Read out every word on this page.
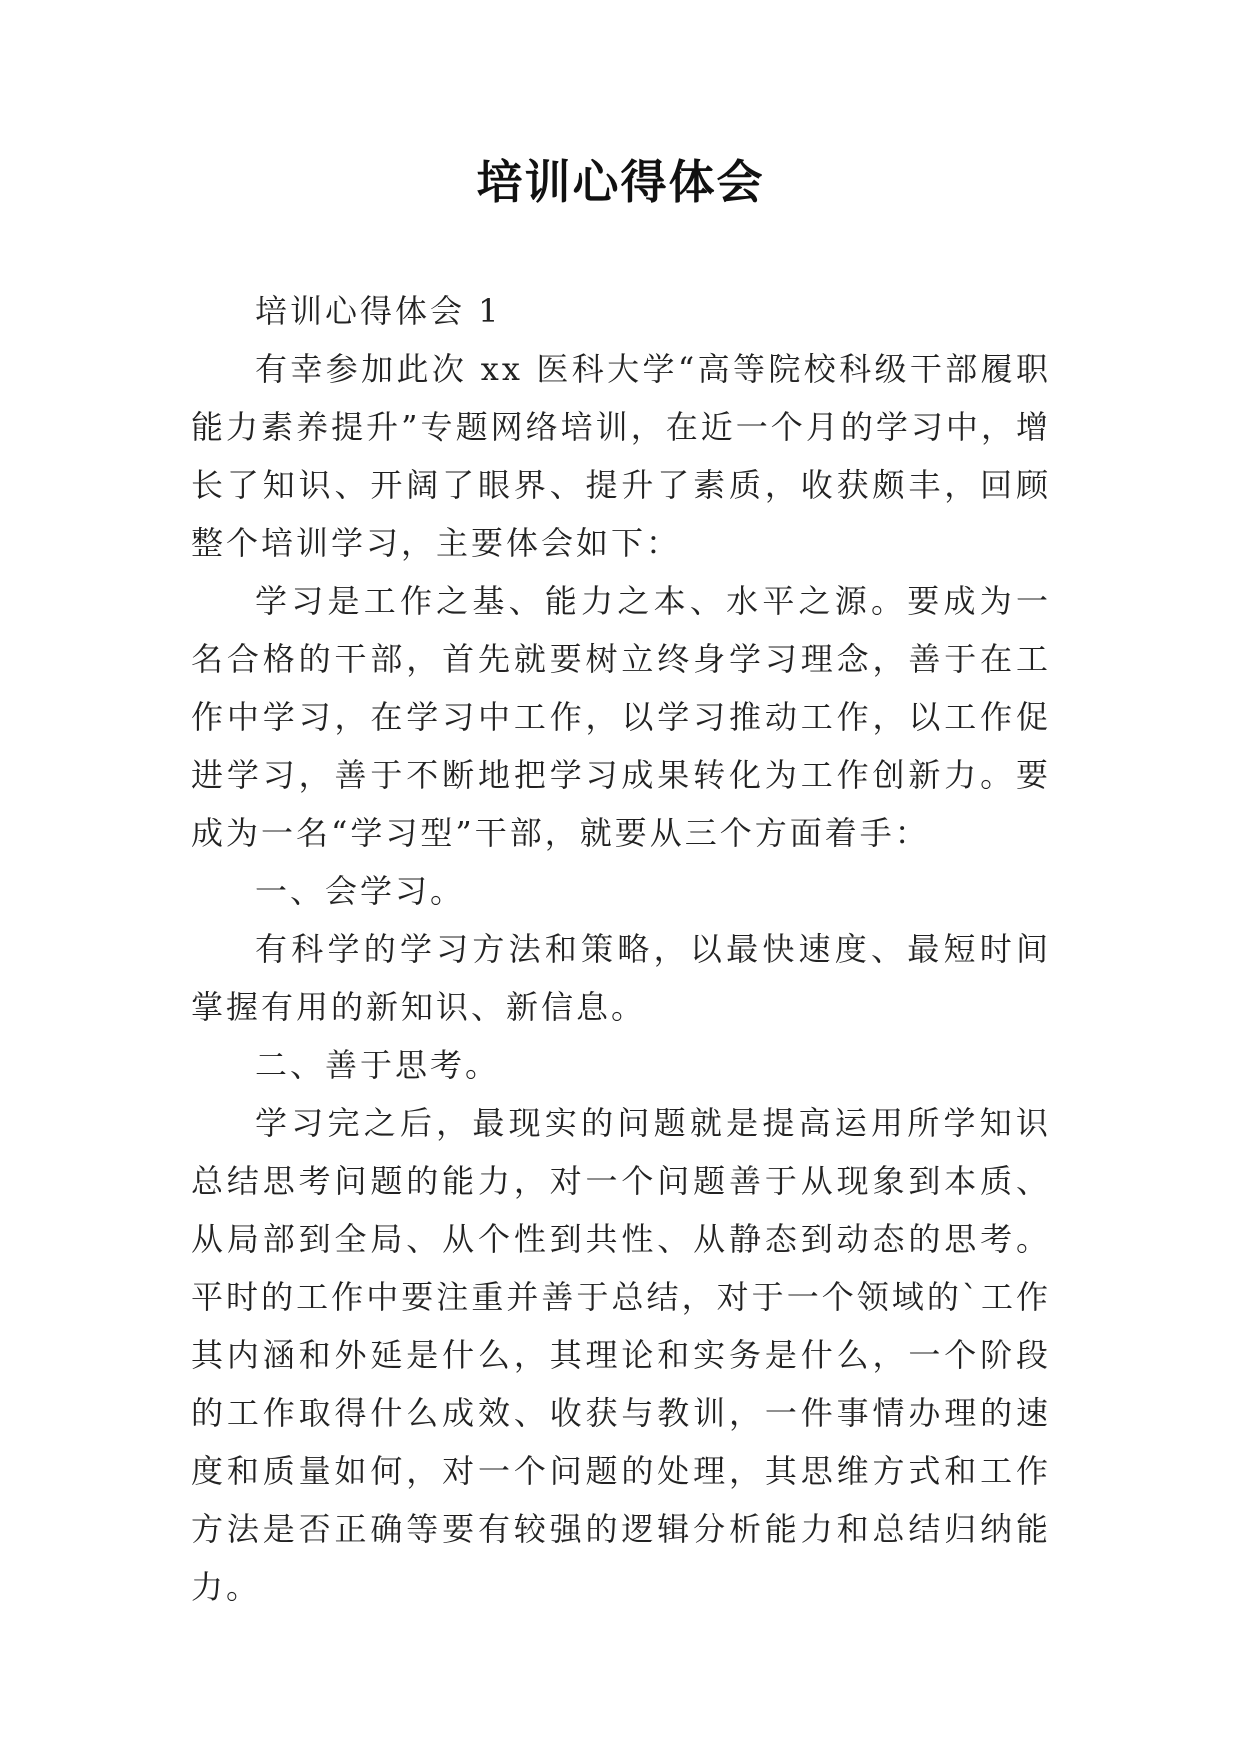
培训心得体会

培训心得体会 1

有幸参加此次 xx 医科大学“高等院校科级干部履职能力素养提升”专题网络培训，在近一个月的学习中，增长了知识、开阔了眼界、提升了素质，收获颇丰，回顾整个培训学习，主要体会如下：

学习是工作之基、能力之本、水平之源。要成为一名合格的干部，首先就要树立终身学习理念，善于在工作中学习，在学习中工作，以学习推动工作，以工作促进学习，善于不断地把学习成果转化为工作创新力。要成为一名“学习型”干部，就要从三个方面着手：

一、会学习。

有科学的学习方法和策略，以最快速度、最短时间掌握有用的新知识、新信息。

二、善于思考。

学习完之后，最现实的问题就是提高运用所学知识总结思考问题的能力，对一个问题善于从现象到本质、从局部到全局、从个性到共性、从静态到动态的思考。平时的工作中要注重并善于总结，对于一个领域的`工作其内涵和外延是什么，其理论和实务是什么，一个阶段的工作取得什么成效、收获与教训，一件事情办理的速度和质量如何，对一个问题的处理，其思维方式和工作方法是否正确等要有较强的逻辑分析能力和总结归纳能力。
